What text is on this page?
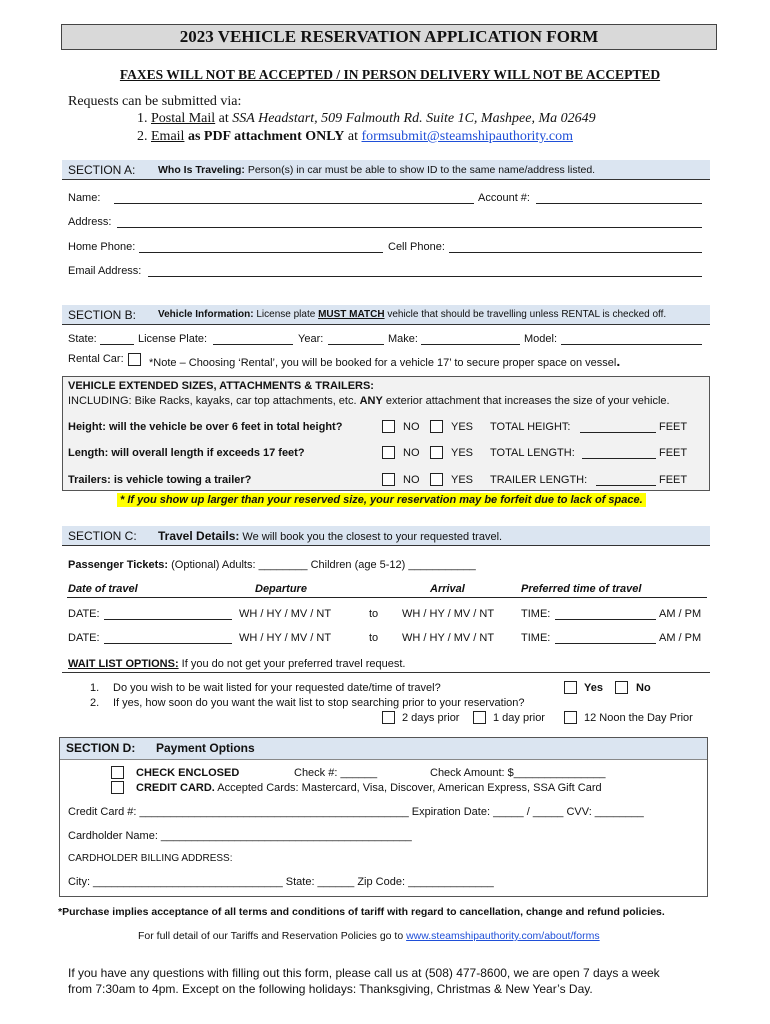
2023 VEHICLE RESERVATION APPLICATION FORM
FAXES WILL NOT BE ACCEPTED / IN PERSON DELIVERY WILL NOT BE ACCEPTED
Requests can be submitted via:
1. Postal Mail at SSA Headstart, 509 Falmouth Rd. Suite 1C, Mashpee, Ma 02649
2. Email as PDF attachment ONLY at formsubmit@steamshipauthority.com
SECTION A: Who Is Traveling: Person(s) in car must be able to show ID to the same name/address listed.
Name:	Account #:
Address:
Home Phone:	Cell Phone:
Email Address:
SECTION B: Vehicle Information: License plate MUST MATCH vehicle that should be travelling unless RENTAL is checked off.
State:	License Plate:	Year:	Make:	Model:
Rental Car: *Note – Choosing ‘Rental’, you will be booked for a vehicle 17’ to secure proper space on vessel.
VEHICLE EXTENDED SIZES, ATTACHMENTS & TRAILERS:
INCLUDING: Bike Racks, kayaks, car top attachments, etc. ANY exterior attachment that increases the size of your vehicle.
Height: will the vehicle be over 6 feet in total height?	NO	YES TOTAL HEIGHT:	FEET
Length: will overall length if exceeds 17 feet?	NO	YES TOTAL LENGTH:	FEET
Trailers: is vehicle towing a trailer?	NO	YES TRAILER LENGTH:	FEET
* If you show up larger than your reserved size, your reservation may be forfeit due to lack of space.
SECTION C: Travel Details: We will book you the closest to your requested travel.
Passenger Tickets: (Optional) Adults: ________ Children (age 5-12) ___________
Date of travel	Departure	Arrival	Preferred time of travel
DATE:	WH / HY / MV / NT	to WH / HY / MV / NT TIME:	AM / PM
DATE:	WH / HY / MV / NT	to WH / HY / MV / NT TIME:	AM / PM
WAIT LIST OPTIONS: If you do not get your preferred travel request.
1. Do you wish to be wait listed for your requested date/time of travel?	Yes	No
2. If yes, how soon do you want the wait list to stop searching prior to your reservation?
2 days prior	1 day prior	12 Noon the Day Prior
SECTION D: Payment Options
CHECK ENCLOSED	Check #: ______	Check Amount: $_______________
CREDIT CARD. Accepted Cards: Mastercard, Visa, Discover, American Express, SSA Gift Card
Credit Card #: ____________________________________________ Expiration Date: _____ / _____ CVV: ________
Cardholder Name: _________________________________________
CARDHOLDER BILLING ADDRESS:
City: _______________________________ State: ______ Zip Code: ______________
*Purchase implies acceptance of all terms and conditions of tariff with regard to cancellation, change and refund policies.
For full detail of our Tariffs and Reservation Policies go to www.steamshipauthority.com/about/forms
If you have any questions with filling out this form, please call us at (508) 477-8600, we are open 7 days a week
from 7:30am to 4pm. Except on the following holidays: Thanksgiving, Christmas & New Year’s Day.
